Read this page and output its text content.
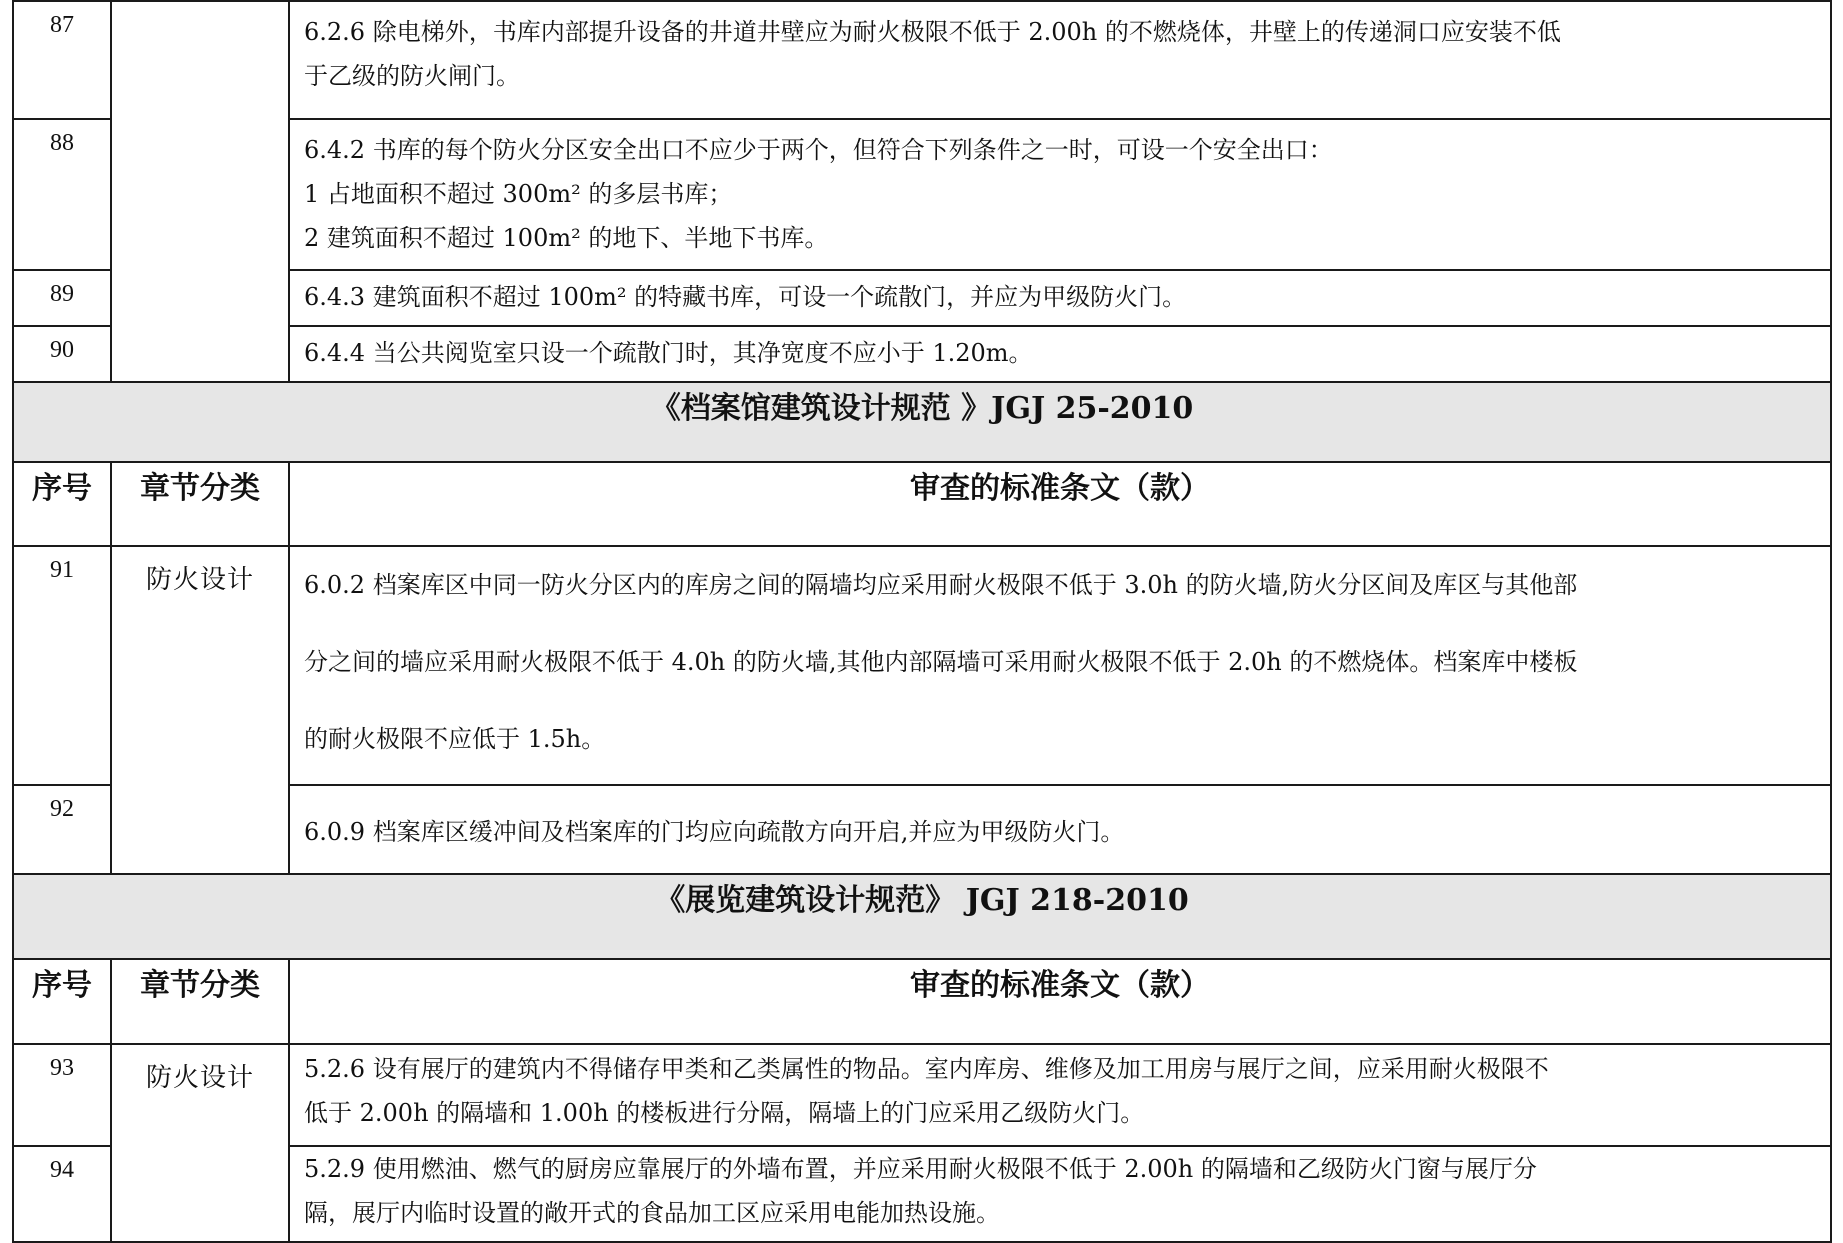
87		6.2.6 除电梯外，书库内部提升设备的井道井壁应为耐火极限不低于 2.00h 的不燃烧体，井壁上的传递洞口应安装不低
于乙级的防火闸门。

88		6.4.2 书库的每个防火分区安全出口不应少于两个，但符合下列条件之一时，可设一个安全出口：
1 占地面积不超过 300m² 的多层书库；
2 建筑面积不超过 100m² 的地下、半地下书库。

89		6.4.3 建筑面积不超过 100m² 的特藏书库，可设一个疏散门，并应为甲级防火门。

90		6.4.4 当公共阅览室只设一个疏散门时，其净宽度不应小于 1.20m。

《档案馆建筑设计规范 》JGJ 25-2010		
序号	章节分类	审查的标准条文（款）
91	防火设计	6.0.2 档案库区中同一防火分区内的库房之间的隔墙均应采用耐火极限不低于 3.0h 的防火墙,防火分区间及库区与其他部
分之间的墙应采用耐火极限不低于 4.0h 的防火墙,其他内部隔墙可采用耐火极限不低于 2.0h 的不燃烧体。档案库中楼板
的耐火极限不应低于 1.5h。

92		6.0.9 档案库区缓冲间及档案库的门均应向疏散方向开启,并应为甲级防火门。

《展览建筑设计规范》 JGJ 218-2010		
序号	章节分类	审查的标准条文（款）
93	防火设计	5.2.6 设有展厅的建筑内不得储存甲类和乙类属性的物品。室内库房、维修及加工用房与展厅之间，应采用耐火极限不
低于 2.00h 的隔墙和 1.00h 的楼板进行分隔，隔墙上的门应采用乙级防火门。

94		5.2.9 使用燃油、燃气的厨房应靠展厅的外墙布置，并应采用耐火极限不低于 2.00h 的隔墙和乙级防火门窗与展厅分
隔，展厅内临时设置的敞开式的食品加工区应采用电能加热设施。
